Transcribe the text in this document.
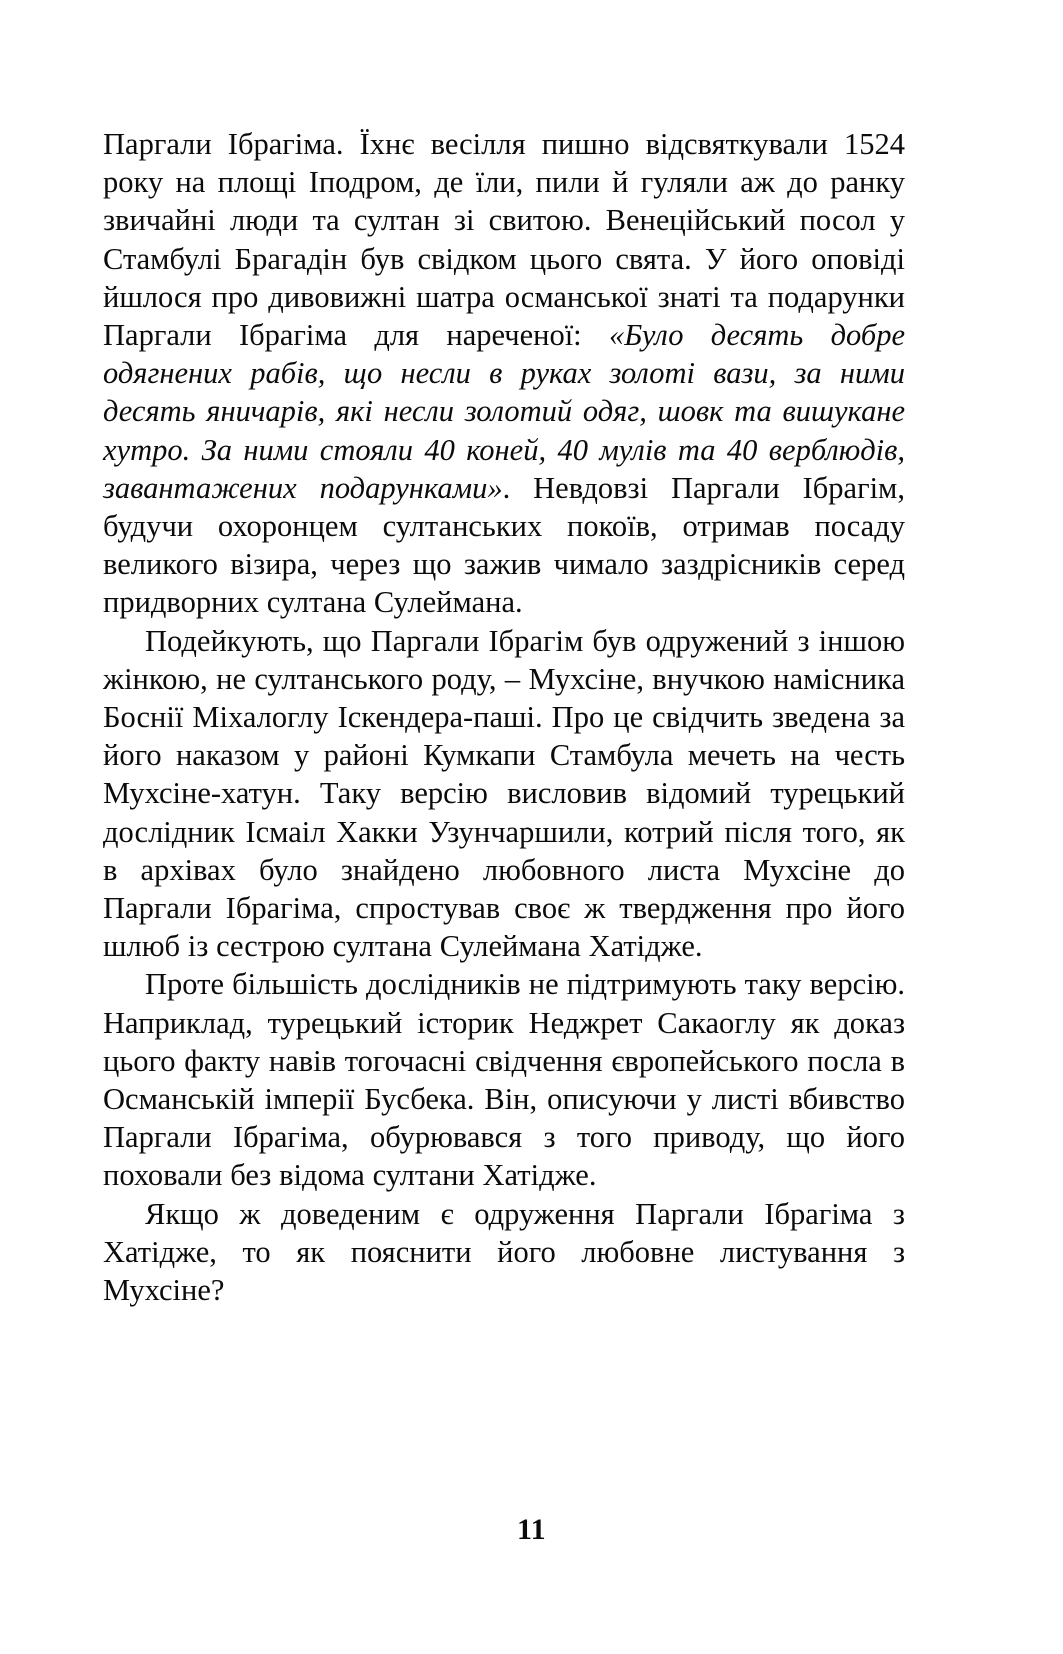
Паргали Ібрагіма. Їхнє весілля пишно відсвяткували 1524 року на площі Іподром, де їли, пили й гуляли аж до ранку звичайні люди та султан зі свитою. Венеційський посол у Стамбулі Брагадін був свідком цього свята. У його оповіді йшлося про дивовижні шатра османської знаті та подарунки Паргали Ібрагіма для нареченої: «Було десять добре одягнених рабів, що несли в руках золоті вази, за ними десять яничарів, які несли золотий одяг, шовк та вишукане хутро. За ними стояли 40 коней, 40 мулів та 40 верблюдів, завантажених подарунками». Невдовзі Паргали Ібрагім, будучи охоронцем султанських покоїв, отримав посаду великого візира, через що зажив чимало заздрісників серед придворних султана Сулеймана.

Подейкують, що Паргали Ібрагім був одружений з іншою жінкою, не султанського роду, – Мухсіне, внучкою намісника Боснії Міхалоглу Іскендера-паші. Про це свідчить зведена за його наказом у районі Кумкапи Стамбула мечеть на честь Мухсіне-хатун. Таку версію висловив відомий турецький дослідник Ісмаіл Хакки Узунчаршили, котрий після того, як в архівах було знайдено любовного листа Мухсіне до Паргали Ібрагіма, спростував своє ж твердження про його шлюб із сестрою султана Сулеймана Хатідже.

Проте більшість дослідників не підтримують таку версію. Наприклад, турецький історик Неджрет Сакаоглу як доказ цього факту навів тогочасні свідчення європейського посла в Османській імперії Бусбека. Він, описуючи у листі вбивство Паргали Ібрагіма, обурювався з того приводу, що його поховали без відома султани Хатідже.

Якщо ж доведеним є одруження Паргали Ібрагіма з Хатідже, то як пояснити його любовне листування з Мухсіне?

11
